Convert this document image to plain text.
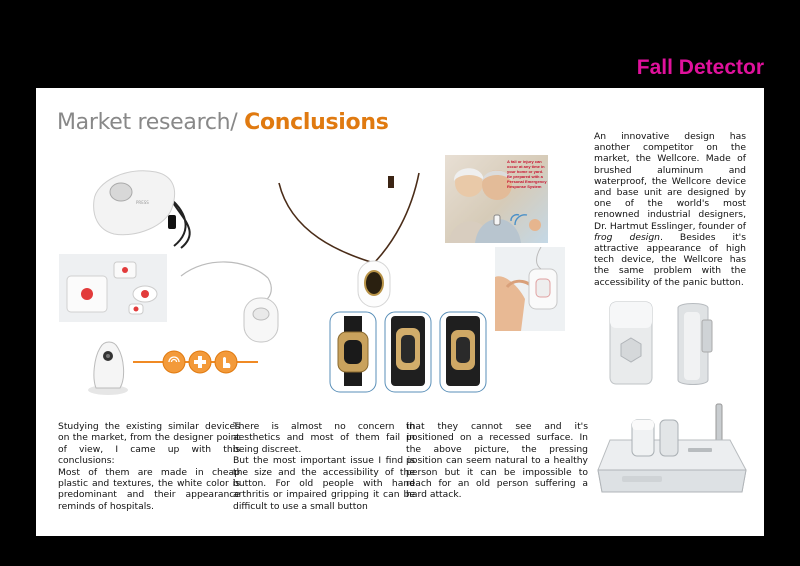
Fall Detector
Market research/ Conclusions
PRESS
A fall or injury can occur at any time in your home or yard. Be prepared with a Personal Emergency Response System
An innovative design has another competitor on the market, the Wellcore. Made of brushed aluminum and waterproof, the Wellcore device and base unit are designed by one of the world's most renowned industrial designers, Dr. Hartmut Esslinger, founder of frog design. Besides it's attractive appearance of high tech device, the Wellcore has the same problem with the accessibility of the panic button.
Studying the existing similar devices on the market, from the designer point of view, I came up with this conclusions:
Most of them are made in cheap plastic and textures, the white color is predominant and their appearance reminds of hospitals.
There is almost no concern in aesthetics and most of them fail in being discreet.
But the most important issue I find is the size and the accessibility of the button. For old people with hand arthritis or impaired gripping it can be difficult to use a small button
that they cannot see and it's positioned on a recessed surface. In the above picture, the pressing position can seem natural to a healthy person but it can be impossible to reach for an old person suffering a hard attack.
